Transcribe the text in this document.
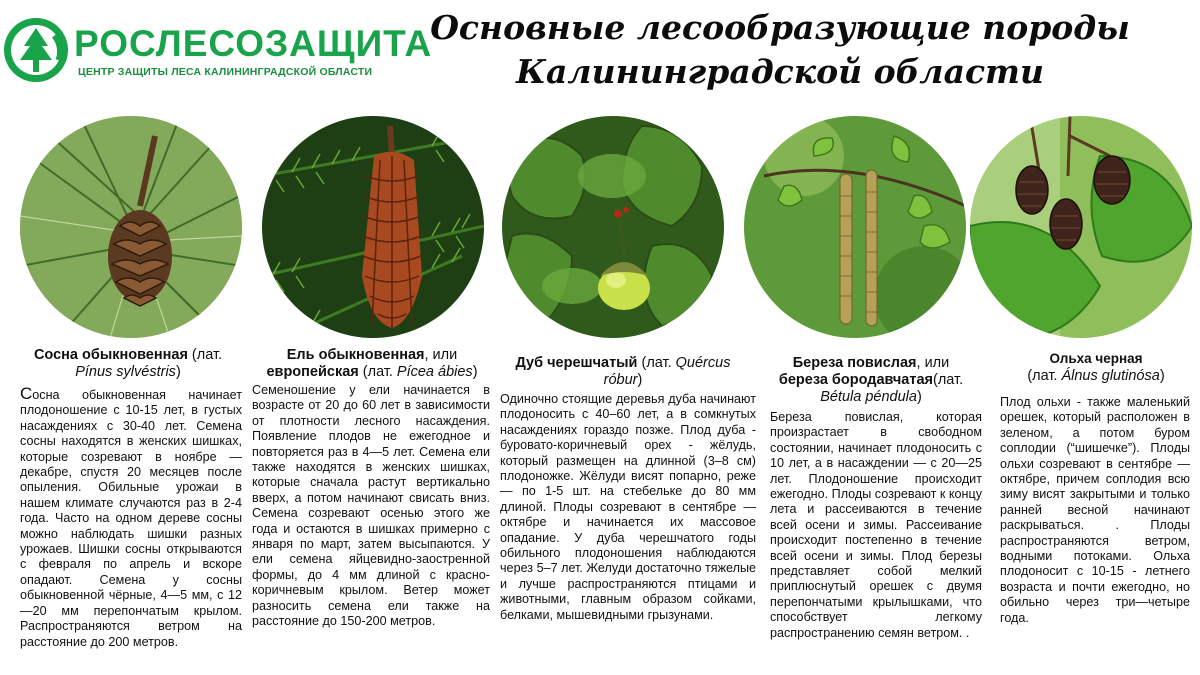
РОСЛЕСОЗАЩИТА
ЦЕНТР ЗАЩИТЫ ЛЕСА КАЛИНИНГРАДСКОЙ ОБЛАСТИ
Основные лесообразующие породы
Калининградской области
Сосна обыкновенная (лат.
Pínus sylvéstris)
Ель обыкновенная, или
европейская (лат. Pícea ábies)
Дуб черешчатый (лат. Quércus
róbur)
Береза повислая, или
береза бородавчатая(лат.
Bétula péndula)
Ольха черная
(лат. Álnus glutinósa)
Сосна обыкновенная начинает плодоношение с 10-15 лет, в густых насаждениях с 30-40 лет. Семена сосны находятся в женских шишках, которые созревают в ноябре — декабре, спустя 20 месяцев после опыления. Обильные урожаи в нашем климате случаются раз в 2-4 года. Часто на одном дереве сосны можно наблюдать шишки разных урожаев. Шишки сосны открываются с февраля по апрель и вскоре опадают. Семена у сосны обыкновенной чёрные, 4—5 мм, с 12—20 мм перепончатым крылом. Распространяются ветром на расстояние до 200 метров.
Семеношение у ели начинается в возрасте от 20 до 60 лет в зависимости от плотности лесного насаждения. Появление плодов не ежегодное и повторяется раз в 4—5 лет. Семена ели также находятся в женских шишках, которые сначала растут вертикально вверх, а потом начинают свисать вниз. Семена созревают осенью этого же года и остаются в шишках примерно с января по март, затем высыпаются. У ели семена яйцевидно-заостренной формы, до 4 мм длиной с красно-коричневым крылом. Ветер может разносить семена ели также на расстояние до 150-200 метров.
Одиночно стоящие деревья дуба начинают плодоносить с 40–60 лет, а в сомкнутых насаждениях гораздо позже. Плод дуба - буровато-коричневый орех - жёлудь, который размещен на длинной (3–8 см) плодоножке. Жёлуди висят попарно, реже — по 1-5 шт. на стебельке до 80 мм длиной. Плоды созревают в сентябре — октябре и начинается их массовое опадание. У дуба черешчатого годы обильного плодоношения наблюдаются через 5–7 лет. Желуди достаточно тяжелые и лучше распространяются птицами и животными, главным образом сойками, белками, мышевидными грызунами.
Береза повислая, которая произрастает в свободном состоянии, начинает плодоносить с 10 лет, а в насаждении — с 20—25 лет. Плодоношение происходит ежегодно. Плоды созревают к концу лета и рассеиваются в течение всей осени и зимы. Рассеивание происходит постепенно в течение всей осени и зимы. Плод березы представляет собой мелкий приплюснутый орешек с двумя перепончатыми крылышками, что способствует легкому распространению семян ветром. .
Плод ольхи - также маленький орешек, который расположен в зеленом, а потом буром соплодии (“шишечке”). Плоды ольхи созревают в сентябре — октябре, причем соплодия всю зиму висят закрытыми и только ранней весной начинают раскрываться. . Плоды распространяются ветром, водными потоками. Ольха плодоносит с 10-15 - летнего возраста и почти ежегодно, но обильно через три—четыре года.
